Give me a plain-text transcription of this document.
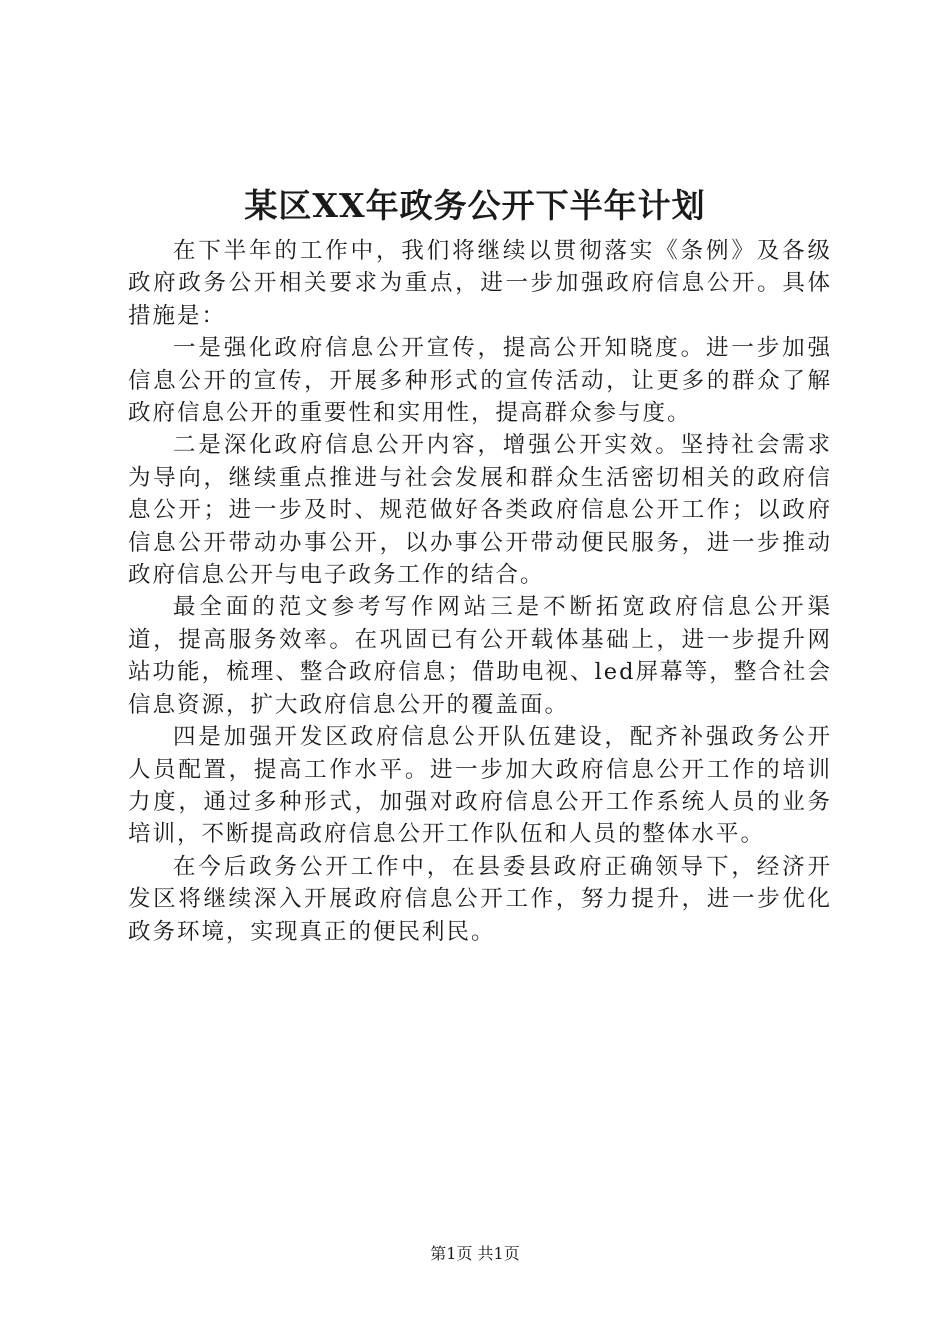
某区XX年政务公开下半年计划

在下半年的工作中，我们将继续以贯彻落实《条例》及各级政府政务公开相关要求为重点，进一步加强政府信息公开。具体措施是：

一是强化政府信息公开宣传，提高公开知晓度。进一步加强信息公开的宣传，开展多种形式的宣传活动，让更多的群众了解政府信息公开的重要性和实用性，提高群众参与度。

二是深化政府信息公开内容，增强公开实效。坚持社会需求为导向，继续重点推进与社会发展和群众生活密切相关的政府信息公开；进一步及时、规范做好各类政府信息公开工作；以政府信息公开带动办事公开，以办事公开带动便民服务，进一步推动政府信息公开与电子政务工作的结合。

最全面的范文参考写作网站三是不断拓宽政府信息公开渠道，提高服务效率。在巩固已有公开载体基础上，进一步提升网站功能，梳理、整合政府信息；借助电视、led屏幕等，整合社会信息资源，扩大政府信息公开的覆盖面。

四是加强开发区政府信息公开队伍建设，配齐补强政务公开人员配置，提高工作水平。进一步加大政府信息公开工作的培训力度，通过多种形式，加强对政府信息公开工作系统人员的业务培训，不断提高政府信息公开工作队伍和人员的整体水平。

在今后政务公开工作中，在县委县政府正确领导下，经济开发区将继续深入开展政府信息公开工作，努力提升，进一步优化政务环境，实现真正的便民利民。

第1页 共1页
